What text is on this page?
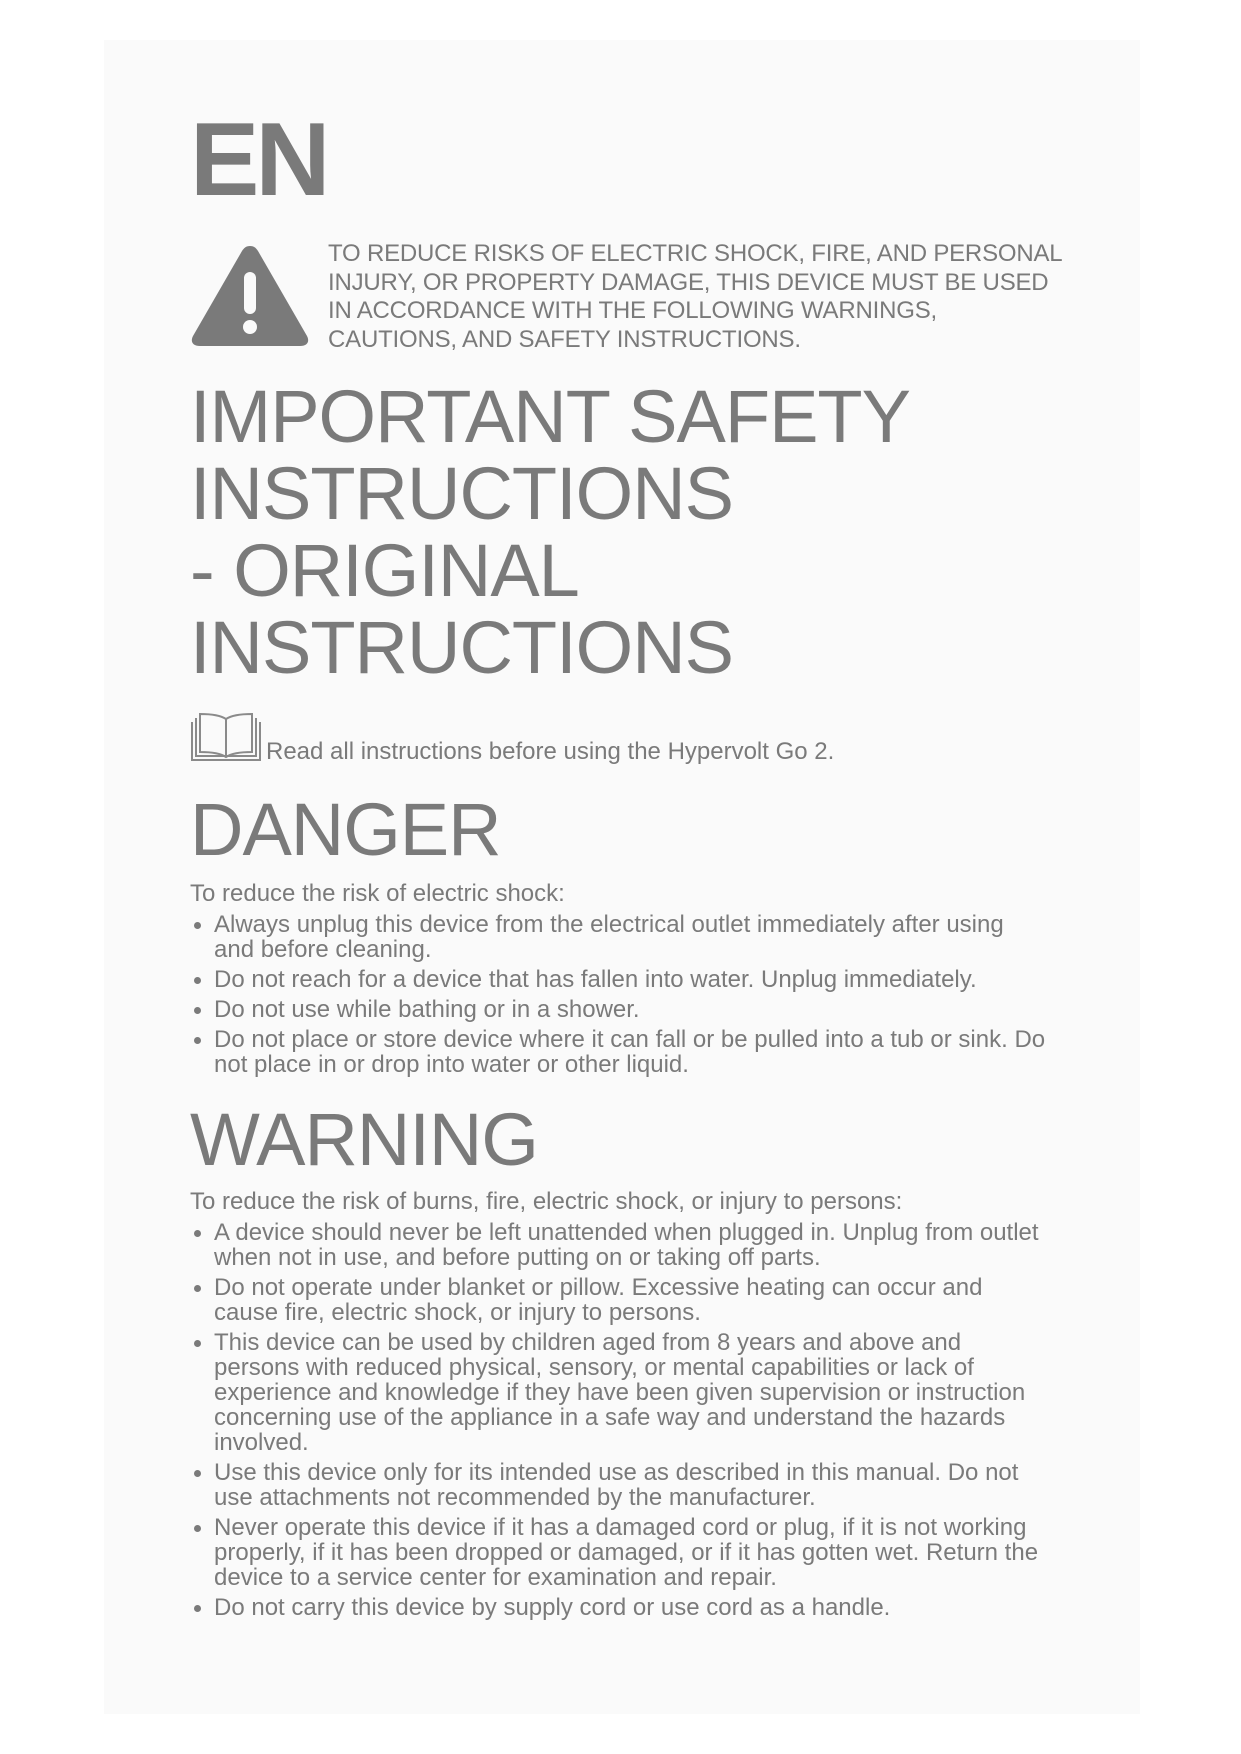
EN
TO REDUCE RISKS OF ELECTRIC SHOCK, FIRE, AND PERSONAL INJURY, OR PROPERTY DAMAGE, THIS DEVICE MUST BE USED IN ACCORDANCE WITH THE FOLLOWING WARNINGS, CAUTIONS, AND SAFETY INSTRUCTIONS.
IMPORTANT SAFETY
INSTRUCTIONS
- ORIGINAL
INSTRUCTIONS
Read all instructions before using the Hypervolt Go 2.
DANGER
To reduce the risk of electric shock:
Always unplug this device from the electrical outlet immediately after using and before cleaning.
Do not reach for a device that has fallen into water. Unplug immediately.
Do not use while bathing or in a shower.
Do not place or store device where it can fall or be pulled into a tub or sink. Do not place in or drop into water or other liquid.
WARNING
To reduce the risk of burns, fire, electric shock, or injury to persons:
A device should never be left unattended when plugged in. Unplug from outlet when not in use, and before putting on or taking off parts.
Do not operate under blanket or pillow. Excessive heating can occur and cause fire, electric shock, or injury to persons.
This device can be used by children aged from 8 years and above and persons with reduced physical, sensory, or mental capabilities or lack of experience and knowledge if they have been given supervision or instruction concerning use of the appliance in a safe way and understand the hazards involved.
Use this device only for its intended use as described in this manual. Do not use attachments not recommended by the manufacturer.
Never operate this device if it has a damaged cord or plug, if it is not working properly, if it has been dropped or damaged, or if it has gotten wet. Return the device to a service center for examination and repair.
Do not carry this device by supply cord or use cord as a handle.
